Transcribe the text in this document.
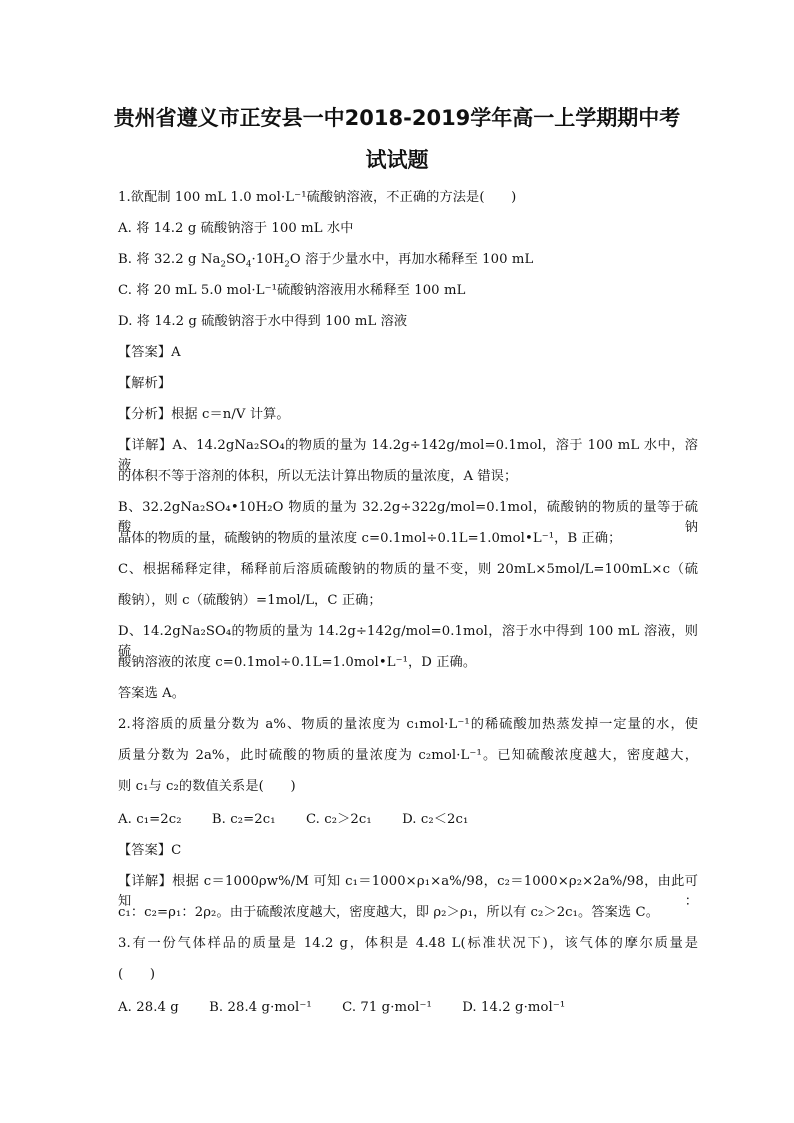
贵州省遵义市正安县一中2018-2019学年高一上学期期中考
试试题
1.欲配制 100 mL 1.0 mol·L⁻¹硫酸钠溶液，不正确的方法是(　　)
A. 将 14.2 g 硫酸钠溶于 100 mL 水中
B. 将 32.2 g $Na_2SO_4\cdot 10H_2O$ 溶于少量水中，再加水稀释至 100 mL
C. 将 20 mL 5.0 mol·L⁻¹硫酸钠溶液用水稀释至 100 mL
D. 将 14.2 g 硫酸钠溶于水中得到 100 mL 溶液
【答案】A
【解析】
【分析】根据 c＝n/V 计算。
【详解】A、14.2gNa₂SO₄的物质的量为 14.2g÷142g/mol=0.1mol，溶于 100 mL 水中，溶液
的体积不等于溶剂的体积，所以无法计算出物质的量浓度，A 错误；
B、32.2gNa₂SO₄•10H₂O 物质的量为 32.2g÷322g/mol=0.1mol，硫酸钠的物质的量等于硫酸钠
晶体的物质的量，硫酸钠的物质的量浓度 c=0.1mol÷0.1L=1.0mol•L⁻¹，B 正确；
C、根据稀释定律，稀释前后溶质硫酸钠的物质的量不变，则 20mL×5mol/L=100mL×c（硫
酸钠），则 c（硫酸钠）=1mol/L，C 正确；
D、14.2gNa₂SO₄的物质的量为 14.2g÷142g/mol=0.1mol，溶于水中得到 100 mL 溶液，则硫
酸钠溶液的浓度 c=0.1mol÷0.1L=1.0mol•L⁻¹，D 正确。
答案选 A。
2.将溶质的质量分数为 a%、物质的量浓度为 c₁mol·L⁻¹的稀硫酸加热蒸发掉一定量的水，使
质量分数为 2a%，此时硫酸的物质的量浓度为 c₂mol·L⁻¹。已知硫酸浓度越大，密度越大，
则 c₁与 c₂的数值关系是(　　)
A. c₁=2c₂ B. c₂=2c₁ C. c₂＞2c₁ D. c₂＜2c₁
【答案】C
【详解】根据 c＝1000ρw%/M 可知 c₁＝1000×ρ₁×a%/98，c₂＝1000×ρ₂×2a%/98，由此可知：
c₁：c₂=ρ₁：2ρ₂。由于硫酸浓度越大，密度越大，即 ρ₂＞ρ₁，所以有 c₂＞2c₁。答案选 C。
3.有一份气体样品的质量是 14.2 g，体积是 4.48 L(标准状况下)，该气体的摩尔质量是
(　　)
A. 28.4 g B. 28.4 g·mol⁻¹ C. 71 g·mol⁻¹ D. 14.2 g·mol⁻¹
